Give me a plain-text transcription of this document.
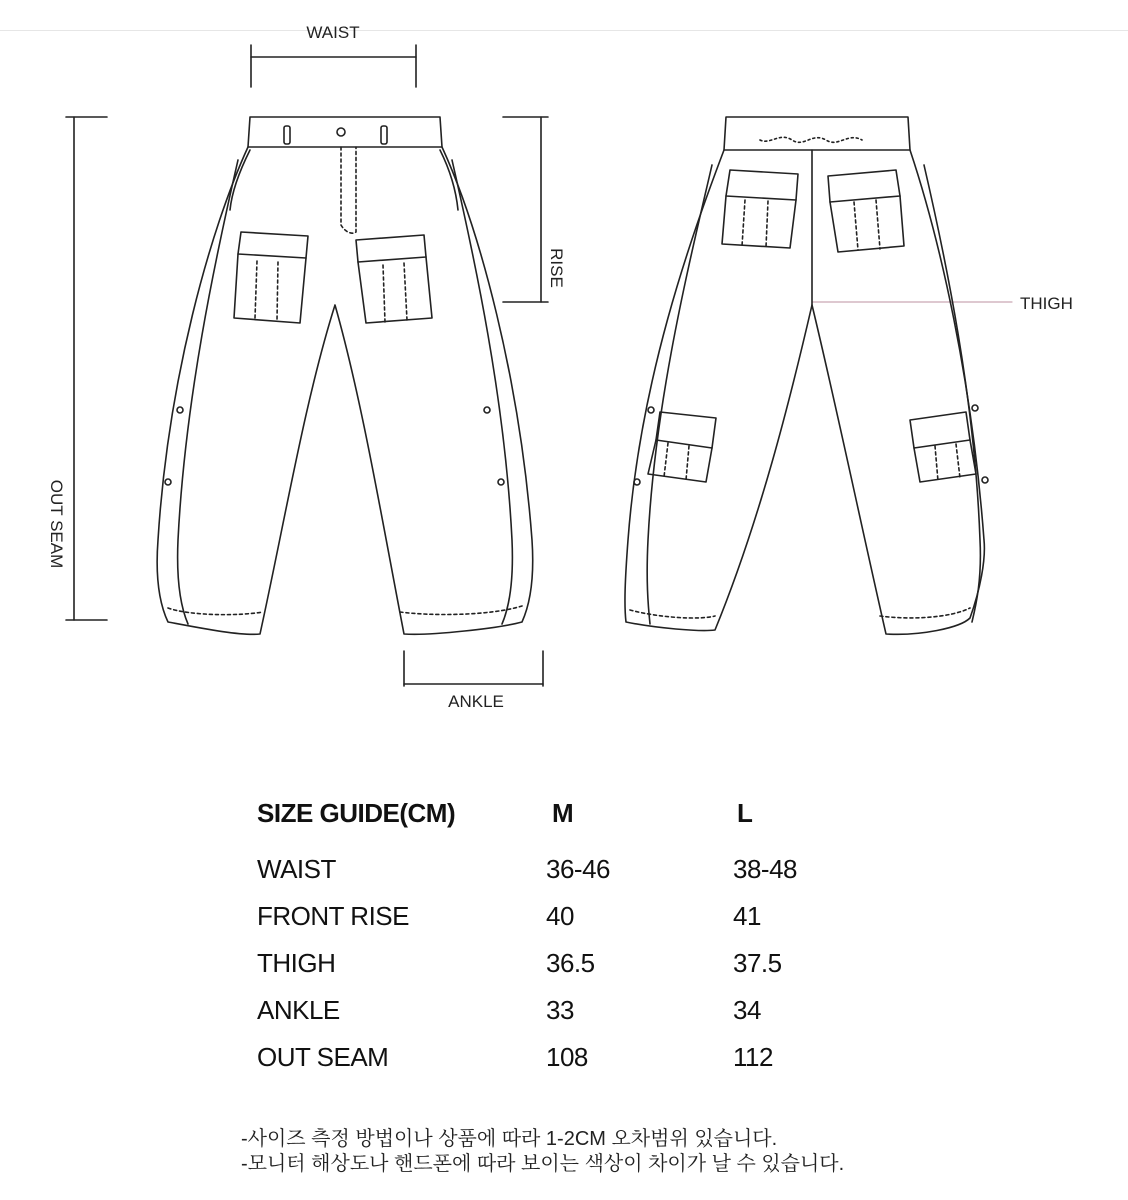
WAIST
RISE
OUT SEAM
ANKLE
THIGH
SIZE GUIDE(CM)	M	L
WAIST	36-46	38-48
FRONT RISE	40	41
THIGH	36.5	37.5
ANKLE	33	34
OUT SEAM	108	112
-사이즈 측정 방법이나 상품에 따라 1-2CM 오차범위 있습니다.
-모니터 해상도나 핸드폰에 따라 보이는 색상이 차이가 날 수 있습니다.
